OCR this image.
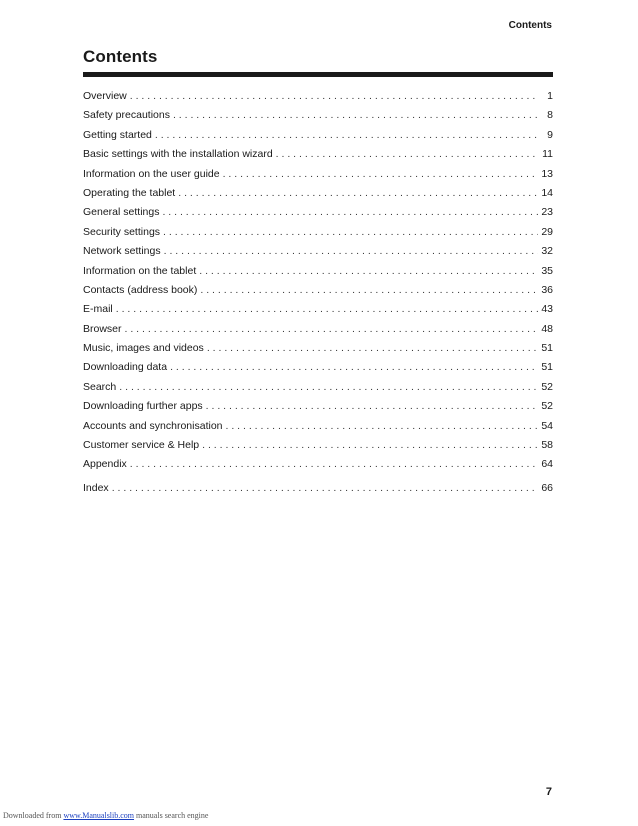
Contents
Contents
Overview . . .	1
Safety precautions . . .	8
Getting started . . .	9
Basic settings with the installation wizard . . .	11
Information on the user guide . . .	13
Operating the tablet . . .	14
General settings . . .	23
Security settings . . .	29
Network settings . . .	32
Information on the tablet . . .	35
Contacts (address book) . . .	36
E-mail . . .	43
Browser . . .	48
Music, images and videos . . .	51
Downloading data . . .	51
Search . . .	52
Downloading further apps . . .	52
Accounts and synchronisation . . .	54
Customer service & Help . . .	58
Appendix . . .	64
Index . . .	66
7
Downloaded from www.Manualslib.com manuals search engine
